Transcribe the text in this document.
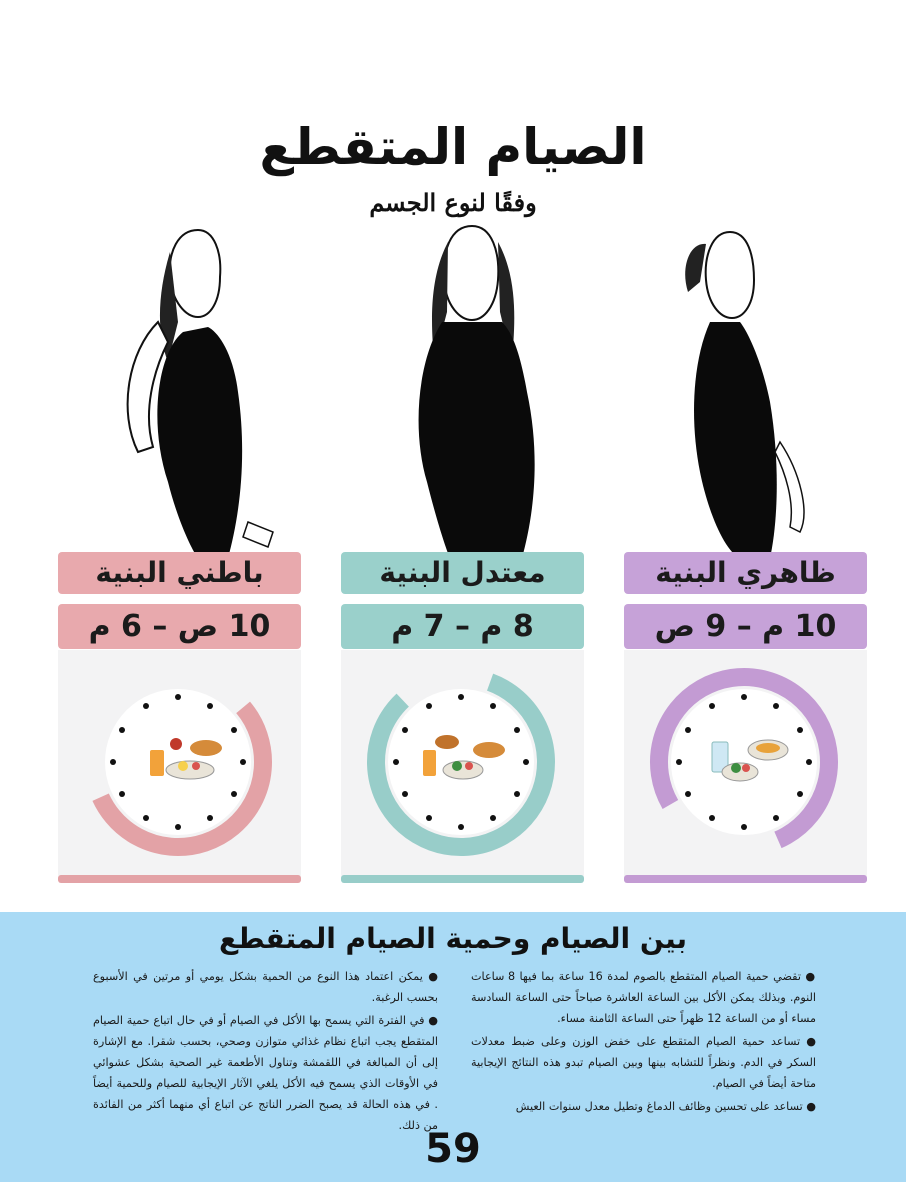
الصيام المتقطع
وفقًا لنوع الجسم
باطني البنية
10 ص – 6 م
معتدل البنية
8 م – 7 م
ظاهري البنية
10 م – 9 ص
بين الصيام وحمية الصيام المتقطع

● تقضي حمية الصيام المتقطع بالصوم لمدة 16 ساعة بما فيها 8 ساعات النوم. وبذلك يمكن الأكل بين الساعة العاشرة صباحاً حتى الساعة السادسة مساء أو من الساعة 12 ظهراً حتى الساعة الثامنة مساء.

● تساعد حمية الصيام المتقطع على خفض الوزن وعلى ضبط معدلات السكر في الدم. ونظراً للتشابه بينها وبين الصيام تبدو هذه النتائج الإيجابية متاحة أيضاً في الصيام.

● تساعد على تحسين وظائف الدماغ وتطيل معدل سنوات العيش

● يمكن اعتماد هذا النوع من الحمية بشكل يومي أو مرتين في الأسبوع بحسب الرغبة.

● في الفترة التي يسمح بها الأكل في الصيام أو في حال اتباع حمية الصيام المتقطع يجب اتباع نظام غذائي متوازن وصحي، بحسب شقرا. مع الإشارة إلى أن المبالغة في اللقمشة وتناول الأطعمة غير الصحية بشكل عشوائي في الأوقات الذي يسمح فيه الأكل يلغي الآثار الإيجابية للصيام وللحمية أيضاً . في هذه الحالة قد يصبح الضرر الناتج عن اتباع أي منهما أكثر من الفائدة من ذلك.

59
